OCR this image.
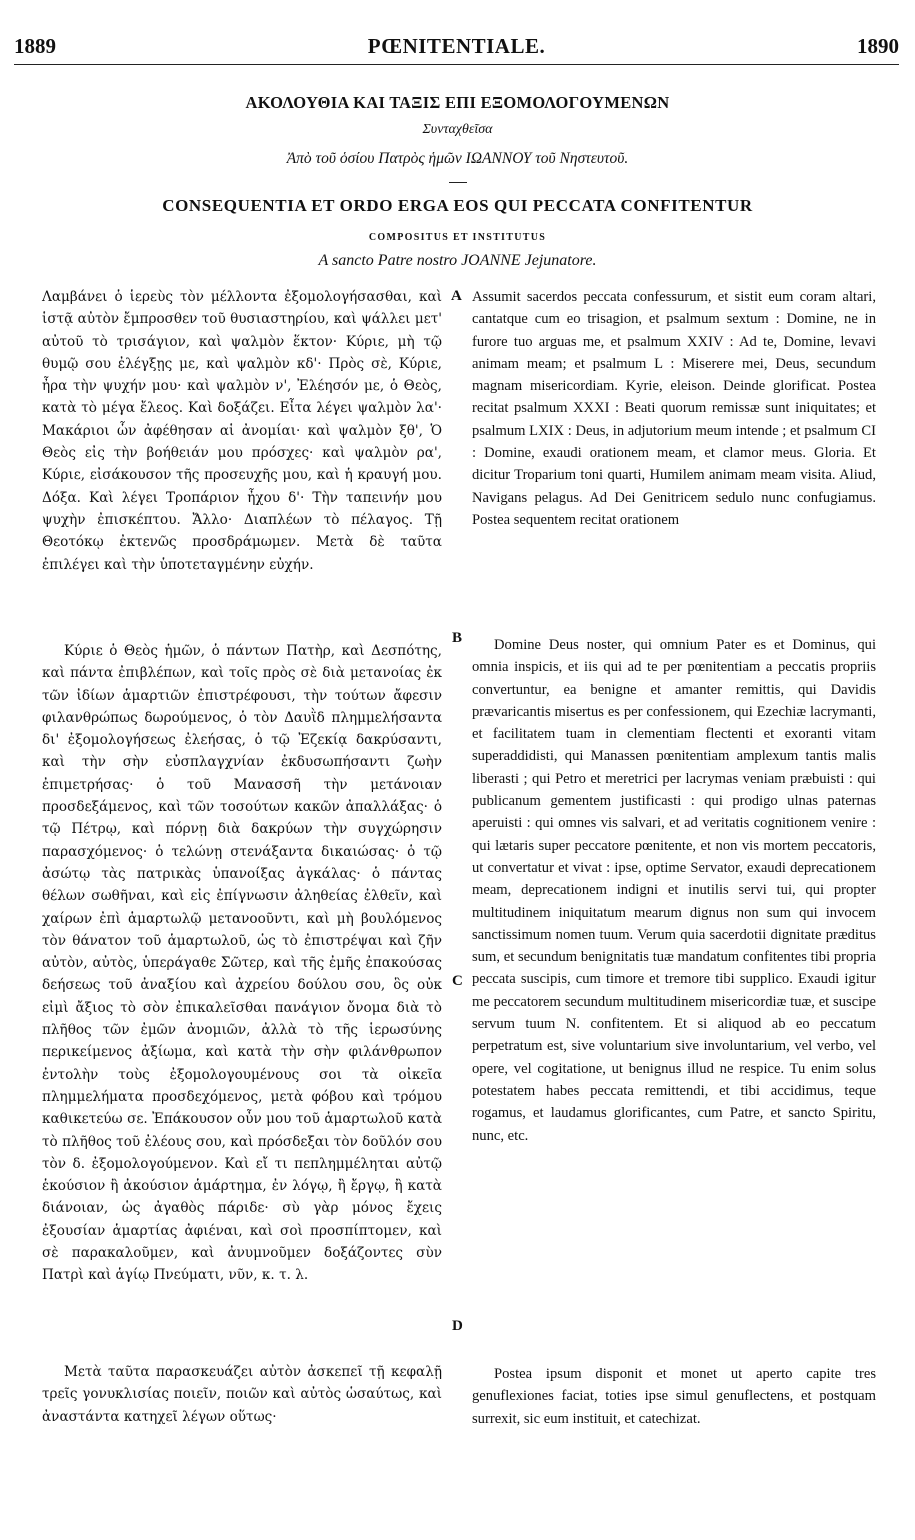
1889	PŒNITENTIALE.	1890
ΑΚΟΛΟΥΘΙΑ ΚΑΙ ΤΑΞΙΣ ΕΠΙ ΕΞΟΜΟΛΟΓΟΥΜΕΝΩΝ
Συνταχθεῖσα
Ἀπὸ τοῦ ὁσίου Πατρὸς ἡμῶν ΙΩΑΝΝΟΥ τοῦ Νηστευτοῦ.
CONSEQUENTIA ET ORDO ERGA EOS QUI PECCATA CONFITENTUR
COMPOSITUS ET INSTITUTUS
A sancto Patre nostro JOANNE Jejunatore.

Λαμβάνει ὁ ἱερεὺς τὸν μέλλοντα ἐξομολογήσασθαι, καὶ ἱστᾷ αὐτὸν ἔμπροσθεν τοῦ θυσιαστηρίου, καὶ ψάλλει μετ' αὐτοῦ τὸ τρισάγιον, καὶ ψαλμὸν ἕκτον· Κύριε, μὴ τῷ θυμῷ σου ἐλέγξῃς με, καὶ ψαλμὸν κδ'· Πρὸς σὲ, Κύριε, ἦρα τὴν ψυχήν μου· καὶ ψαλμὸν ν', Ἐλέησόν με, ὁ Θεὸς, κατὰ τὸ μέγα ἔλεος. Καὶ δοξάζει. Εἶτα λέγει ψαλμὸν λα'· Μακάριοι ὧν ἀφέθησαν αἱ ἀνομίαι· καὶ ψαλμὸν ξθ', Ὁ Θεὸς εἰς τὴν βοήθειάν μου πρόσχες· καὶ ψαλμὸν ρα', Κύριε, εἰσάκουσον τῆς προσευχῆς μου, καὶ ἡ κραυγή μου. Δόξα. Καὶ λέγει Τροπάριον ἦχου δ'· Τὴν ταπεινήν μου ψυχὴν ἐπισκέπτου. Ἄλλο· Διαπλέων τὸ πέλαγος. Τῇ Θεοτόκῳ ἐκτενῶς προσδράμωμεν. Μετὰ δὲ ταῦτα ἐπιλέγει καὶ τὴν ὑποτεταγμένην εὐχήν.

Κύριε ὁ Θεὸς ἡμῶν, ὁ πάντων Πατὴρ, καὶ Δεσπότης, καὶ πάντα ἐπιβλέπων, καὶ τοῖς πρὸς σὲ διὰ μετανοίας ἐκ τῶν ἰδίων ἁμαρτιῶν ἐπιστρέφουσι, τὴν τούτων ἄφεσιν φιλανθρώπως δωρούμενος, ὁ τὸν Δαυῒδ πλημμελήσαντα δι' ἐξομολογήσεως ἐλεήσας, ὁ τῷ Ἐζεκίᾳ δακρύσαντι, καὶ τὴν σὴν εὐσπλαγχνίαν ἐκδυσωπήσαντι ζωὴν ἐπιμετρήσας· ὁ τοῦ Μανασσῆ τὴν μετάνοιαν προσδεξάμενος, καὶ τῶν τοσούτων κακῶν ἀπαλλάξας· ὁ τῷ Πέτρῳ, καὶ πόρνῃ διὰ δακρύων τὴν συγχώρησιν παρασχόμενος· ὁ τελώνῃ στενάξαντα δικαιώσας· ὁ τῷ ἀσώτῳ τὰς πατρικὰς ὑπανοίξας ἀγκάλας· ὁ πάντας θέλων σωθῆναι, καὶ εἰς ἐπίγνωσιν ἀληθείας ἐλθεῖν, καὶ χαίρων ἐπὶ ἁμαρτωλῷ μετανοοῦντι, καὶ μὴ βουλόμενος τὸν θάνατον τοῦ ἁμαρτωλοῦ, ὡς τὸ ἐπιστρέψαι καὶ ζῆν αὐτὸν, αὐτὸς, ὑπεράγαθε Σῶτερ, καὶ τῆς ἐμῆς ἐπακούσας δεήσεως τοῦ ἀναξίου καὶ ἀχρείου δούλου σου, ὃς οὐκ εἰμὶ ἄξιος τὸ σὸν ἐπικαλεῖσθαι πανάγιον ὄνομα διὰ τὸ πλῆθος τῶν ἐμῶν ἀνομιῶν, ἀλλὰ τὸ τῆς ἱερωσύνης περικείμενος ἀξίωμα, καὶ κατὰ τὴν σὴν φιλάνθρωπον ἐντολὴν τοὺς ἐξομολογουμένους σοι τὰ οἰκεῖα πλημμελήματα προσδεχόμενος, μετὰ φόβου καὶ τρόμου καθικετεύω σε. Ἐπάκουσον οὖν μου τοῦ ἁμαρτωλοῦ κατὰ τὸ πλῆθος τοῦ ἐλέους σου, καὶ πρόσδεξαι τὸν δοῦλόν σου τὸν δ. ἐξομολογούμενον. Καὶ εἴ τι πεπλημμέληται αὐτῷ ἑκούσιον ἢ ἀκούσιον ἁμάρτημα, ἐν λόγῳ, ἢ ἔργῳ, ἢ κατὰ διάνοιαν, ὡς ἀγαθὸς πάριδε· σὺ γὰρ μόνος ἔχεις ἐξουσίαν ἁμαρτίας ἀφιέναι, καὶ σοὶ προσπίπτομεν, καὶ σὲ παρακαλοῦμεν, καὶ ἀνυμνοῦμεν δοξάζοντες σὺν Πατρὶ καὶ ἁγίῳ Πνεύματι, νῦν, κ. τ. λ.

Μετὰ ταῦτα παρασκευάζει αὐτὸν ἀσκεπεῖ τῇ κεφαλῇ τρεῖς γονυκλισίας ποιεῖν, ποιῶν καὶ αὐτὸς ὡσαύτως, καὶ ἀναστάντα κατηχεῖ λέγων οὕτως·

A
B
C
D

Assumit sacerdos peccata confessurum, et sistit eum coram altari, cantatque cum eo trisagion, et psalmum sextum : Domine, ne in furore tuo arguas me, et psalmum XXIV : Ad te, Domine, levavi animam meam; et psalmum L : Miserere mei, Deus, secundum magnam misericordiam. Kyrie, eleison. Deinde glorificat. Postea recitat psalmum XXXI : Beati quorum remissæ sunt iniquitates; et psalmum LXIX : Deus, in adjutorium meum intende ; et psalmum CI : Domine, exaudi orationem meam, et clamor meus. Gloria. Et dicitur Troparium toni quarti, Humilem animam meam visita. Aliud, Navigans pelagus. Ad Dei Genitricem sedulo nunc confugiamus. Postea sequentem recitat orationem

Domine Deus noster, qui omnium Pater es et Dominus, qui omnia inspicis, et iis qui ad te per pœnitentiam a peccatis propriis convertuntur, ea benigne et amanter remittis, qui Davidis prævaricantis misertus es per confessionem, qui Ezechiæ lacrymanti, et facilitatem tuam in clementiam flectenti et exoranti vitam superaddidisti, qui Manassen pœnitentiam amplexum tantis malis liberasti ; qui Petro et meretrici per lacrymas veniam præbuisti : qui publicanum gementem justificasti : qui prodigo ulnas paternas aperuisti : qui omnes vis salvari, et ad veritatis cognitionem venire : qui lætaris super peccatore pœnitente, et non vis mortem peccatoris, ut convertatur et vivat : ipse, optime Servator, exaudi deprecationem meam, deprecationem indigni et inutilis servi tui, qui propter multitudinem iniquitatum mearum dignus non sum qui invocem sanctissimum nomen tuum. Verum quia sacerdotii dignitate præditus sum, et secundum benignitatis tuæ mandatum confitentes tibi propria peccata suscipis, cum timore et tremore tibi supplico. Exaudi igitur me peccatorem secundum multitudinem misericordiæ tuæ, et suscipe servum tuum N. confitentem. Et si aliquod ab eo peccatum perpetratum est, sive voluntarium sive involuntarium, vel verbo, vel opere, vel cogitatione, ut benignus illud ne respice. Tu enim solus potestatem habes peccata remittendi, et tibi accidimus, teque rogamus, et laudamus glorificantes, cum Patre, et sancto Spiritu, nunc, etc.

Postea ipsum disponit et monet ut aperto capite tres genuflexiones faciat, toties ipse simul genuflectens, et postquam surrexit, sic eum instituit, et catechizat.
